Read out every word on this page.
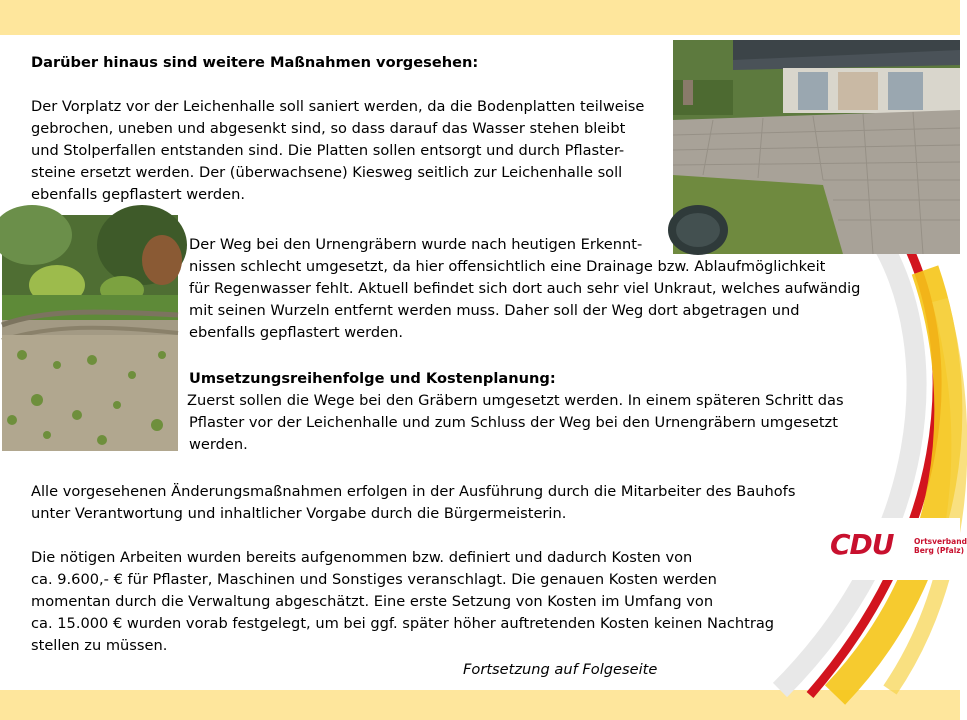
Darüber hinaus sind weitere Maßnahmen vorgesehen:

Der Vorplatz vor der Leichenhalle soll saniert werden, da die Bodenplatten teilweise
gebrochen, uneben und abgesenkt sind, so dass darauf das Wasser stehen bleibt
und Stolperfallen entstanden sind. Die Platten sollen entsorgt und durch Pflaster-
steine ersetzt werden. Der (überwachsene) Kiesweg seitlich zur Leichenhalle soll
ebenfalls gepflastert werden.

Der Weg bei den Urnengräbern wurde nach heutigen Erkennt-
nissen schlecht umgesetzt, da hier offensichtlich eine Drainage bzw. Ablaufmöglichkeit
für Regenwasser fehlt. Aktuell befindet sich dort auch sehr viel Unkraut, welches aufwändig
mit seinen Wurzeln entfernt werden muss. Daher soll der Weg dort abgetragen und
ebenfalls gepflastert werden.

Umsetzungsreihenfolge und Kostenplanung:

Zuerst sollen die Wege bei den Gräbern umgesetzt werden. In einem späteren Schritt das
Pflaster vor der Leichenhalle und zum Schluss der Weg bei den Urnengräbern umgesetzt
werden.

Alle vorgesehenen Änderungsmaßnahmen erfolgen in der Ausführung durch die Mitarbeiter des Bauhofs
unter Verantwortung und inhaltlicher Vorgabe durch die Bürgermeisterin.

CDU	Ortsverband
Berg (Pfalz)

Die nötigen Arbeiten wurden bereits aufgenommen bzw. definiert und dadurch Kosten von
ca. 9.600,- € für Pflaster, Maschinen und Sonstiges veranschlagt. Die genauen Kosten werden
momentan durch die Verwaltung abgeschätzt. Eine erste Setzung von Kosten im Umfang von
ca. 15.000 € wurden vorab festgelegt, um bei ggf. später höher auftretenden Kosten keinen Nachtrag
stellen zu müssen.

Fortsetzung auf Folgeseite
